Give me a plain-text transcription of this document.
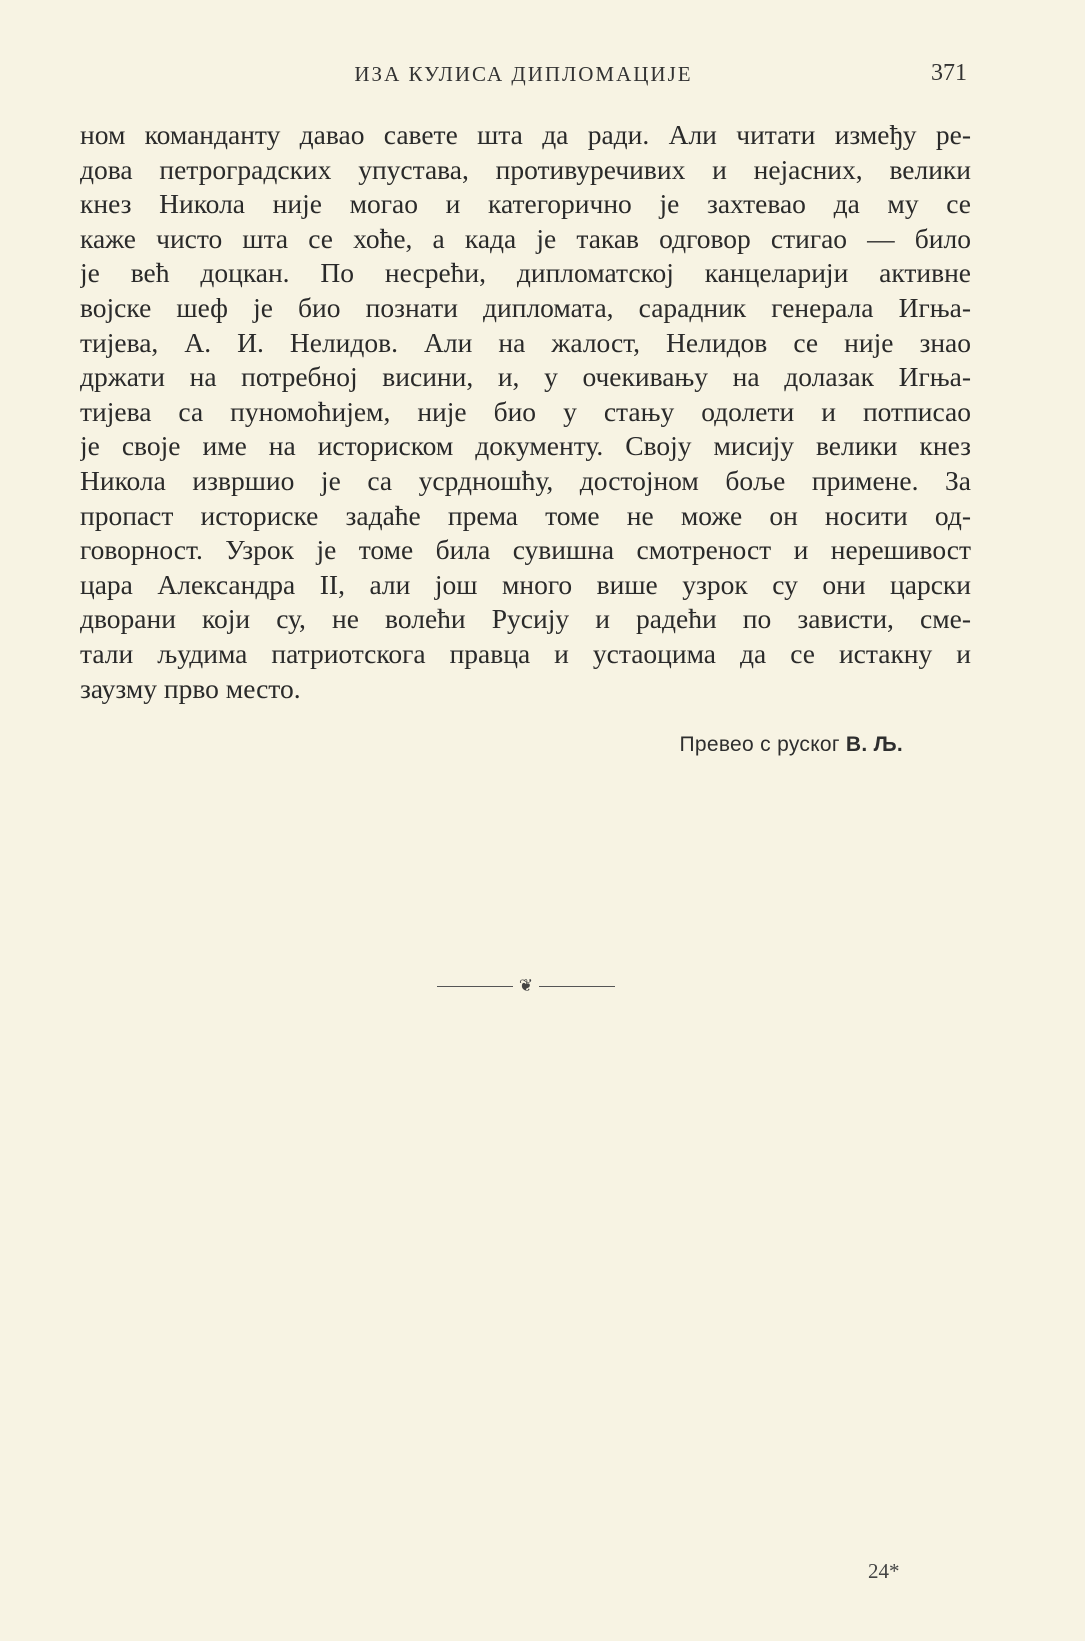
ИЗА КУЛИСА ДИПЛОМАЦИЈЕ	371
ном команданту давао савете шта да ради. Али читати између ре-
дова петроградских упустава, противуречивих и нејасних, велики
кнез Никола није могао и категорично је захтевао да му се
каже чисто шта се хоће, а када је такав одговор стигао — било
је већ доцкан. По несрећи, дипломатској канцеларији активне
војске шеф је био познати дипломата, сарадник генерала Игња-
тијева, А. И. Нелидов. Али на жалост, Нелидов се није знао
држати на потребној висини, и, у очекивању на долазак Игња-
тијева са пуномоћијем, није био у стању одолети и потписао
је своје име на историском документу. Своју мисију велики кнез
Никола извршио је са усрдношћу, достојном боље примене. За
пропаст историске задаће према томе не може он носити од-
говорност. Узрок је томе била сувишна смотреност и нерешивост
цара Александра II, али још много више узрок су они царски
дворани који су, не волећи Русију и радећи по зависти, сме-
тали људима патриотскога правца и устаоцима да се истакну и
заузму прво место.
Превео с руског В. Љ.
❦
24*
